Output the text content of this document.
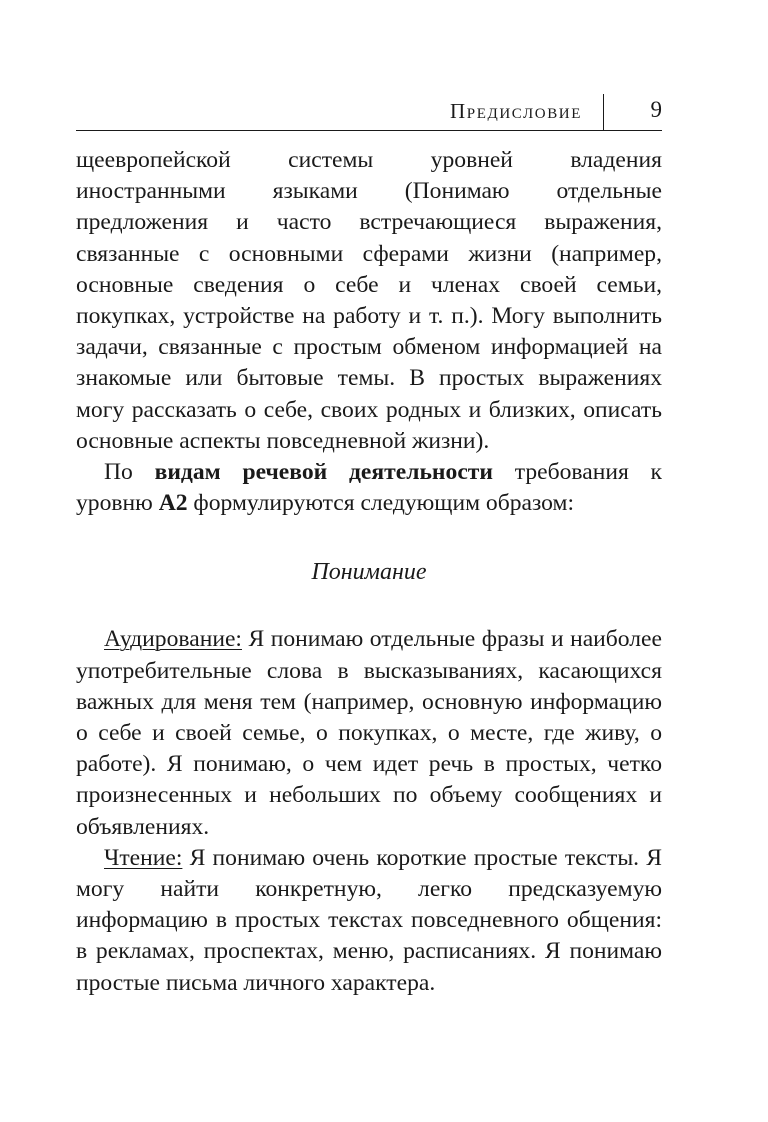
Предисловие	9

щеевропейской системы уровней владения иностранными языками (Понимаю отдельные предложения и часто встречающиеся выражения, связанные с основными сферами жизни (например, основные сведения о себе и членах своей семьи, покупках, устройстве на работу и т. п.). Могу выполнить задачи, связанные с простым обменом информацией на знакомые или бытовые темы. В простых выражениях могу рассказать о себе, своих родных и близких, описать основные аспекты повседневной жизни).

По видам речевой деятельности требования к уровню А2 формулируются следующим образом:

Понимание

Аудирование: Я понимаю отдельные фразы и наиболее употребительные слова в высказываниях, касающихся важных для меня тем (например, основную информацию о себе и своей семье, о покупках, о месте, где живу, о работе). Я понимаю, о чем идет речь в простых, четко произнесенных и небольших по объему сообщениях и объявлениях.

Чтение: Я понимаю очень короткие простые тексты. Я могу найти конкретную, легко предсказуемую информацию в простых текстах повседневного общения: в рекламах, проспектах, меню, расписаниях. Я понимаю простые письма личного характера.
